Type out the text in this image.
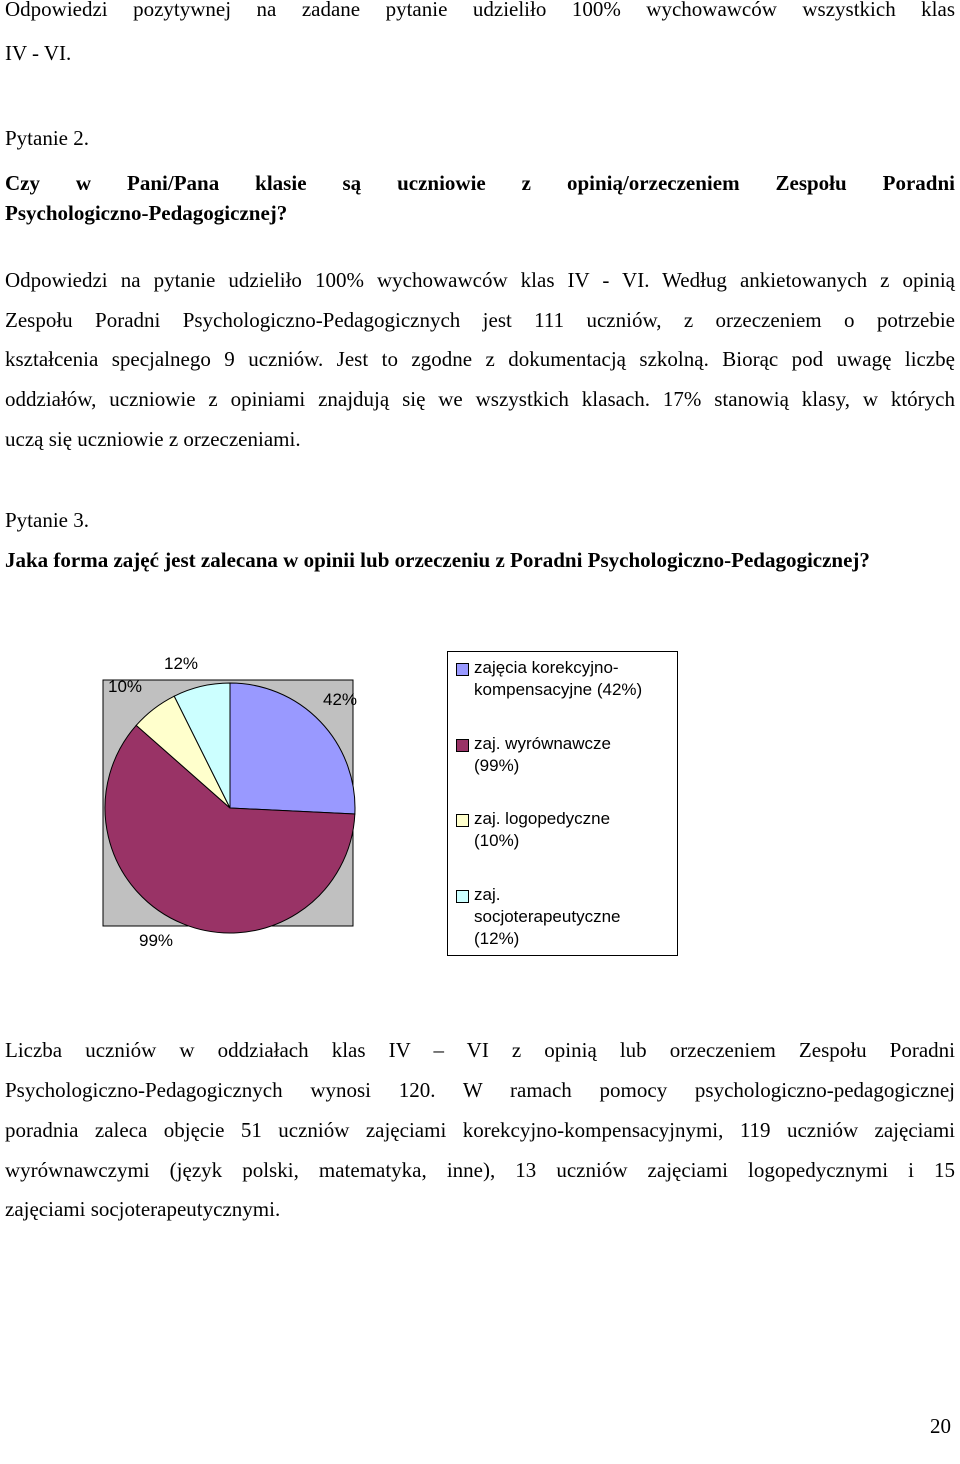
Odpowiedzi pozytywnej na zadane pytanie udzieliło 100% wychowawców wszystkich klas
IV - VI.
Pytanie 2.
Czy w Pani/Pana klasie są uczniowie z opinią/orzeczeniem Zespołu Poradni
Psychologiczno-Pedagogicznej?
Odpowiedzi na pytanie udzieliło 100% wychowawców klas IV - VI. Według ankietowanych z opinią
Zespołu Poradni Psychologiczno-Pedagogicznych jest 111 uczniów, z orzeczeniem o potrzebie
kształcenia specjalnego 9 uczniów. Jest to zgodne z dokumentacją szkolną. Biorąc pod uwagę liczbę
oddziałów, uczniowie z opiniami znajdują się we wszystkich klasach. 17% stanowią klasy, w których
uczą się uczniowie z orzeczeniami.
Pytanie 3.
Jaka forma zajęć jest zalecana w opinii lub orzeczeniu z Poradni Psychologiczno-Pedagogicznej?
42%
99%
10%
12%	zajęcia korekcyjno-
kompensacyjne (42%)
zaj. wyrównawcze
(99%)
zaj. logopedyczne
(10%)
zaj.
socjoterapeutyczne
(12%)
Liczba uczniów w oddziałach klas IV – VI z opinią lub orzeczeniem Zespołu Poradni
Psychologiczno-Pedagogicznych wynosi 120. W ramach pomocy psychologiczno-pedagogicznej
poradnia zaleca objęcie 51 uczniów zajęciami korekcyjno-kompensacyjnymi, 119 uczniów zajęciami
wyrównawczymi (język polski, matematyka, inne), 13 uczniów zajęciami logopedycznymi i 15
zajęciami socjoterapeutycznymi.
20
